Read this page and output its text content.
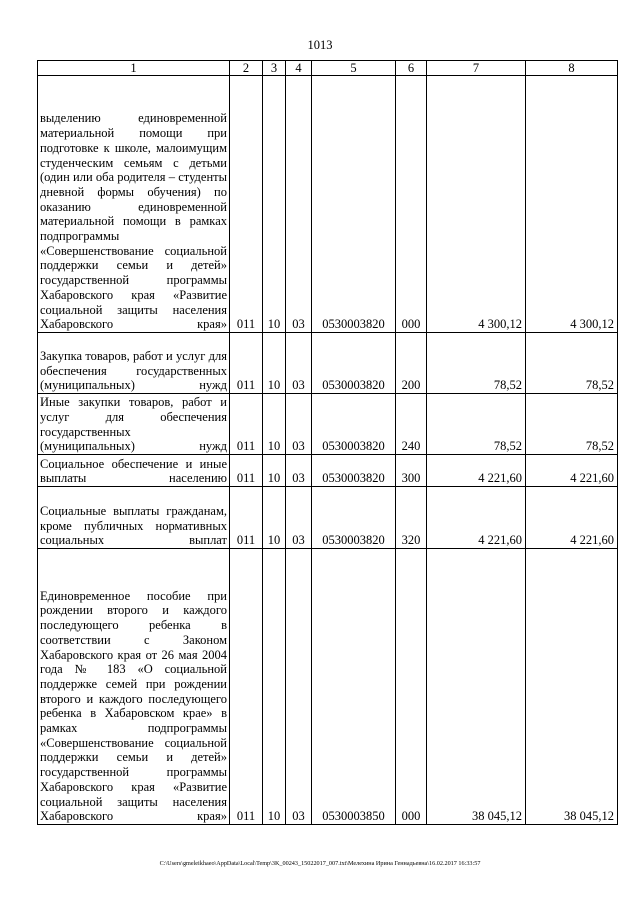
1013
1	2	3	4	5	6	7	8
выделению единовременной материальной помощи при подготовке к школе, малоимущим студенческим семьям с детьми (один или оба родителя – студенты дневной формы обучения) по оказанию единовременной материальной помощи в рамках подпрограммы «Совершенствование социальной поддержки семьи и детей» государственной программы Хабаровского края «Развитие социальной защиты населения Хабаровского края»	011	10	03	0530003820	000	4 300,12	4 300,12
Закупка товаров, работ и услуг для обеспечения государственных (муниципальных) нужд	011	10	03	0530003820	200	78,52	78,52
Иные закупки товаров, работ и услуг для обеспечения государственных (муниципальных) нужд	011	10	03	0530003820	240	78,52	78,52
Социальное обеспечение и иные выплаты населению	011	10	03	0530003820	300	4 221,60	4 221,60
Социальные выплаты гражданам, кроме публичных нормативных социальных выплат	011	10	03	0530003820	320	4 221,60	4 221,60
Единовременное пособие при рождении второго и каждого последующего ребенка в соответствии с Законом Хабаровского края от 26 мая 2004 года № 183 «О социальной поддержке семей при рождении второго и каждого последующего ребенка в Хабаровском крае» в рамках подпрограммы «Совершенствование социальной поддержки семьи и детей» государственной программы Хабаровского края «Развитие социальной защиты населения Хабаровского края»	011	10	03	0530003850	000	38 045,12	38 045,12
C:\Users\gmeleikhaeo\AppData\Local\Temp\3K_00243_15022017_007.txt\Мелехина Ирина Геннадьевна\16.02.2017 16:33:57
